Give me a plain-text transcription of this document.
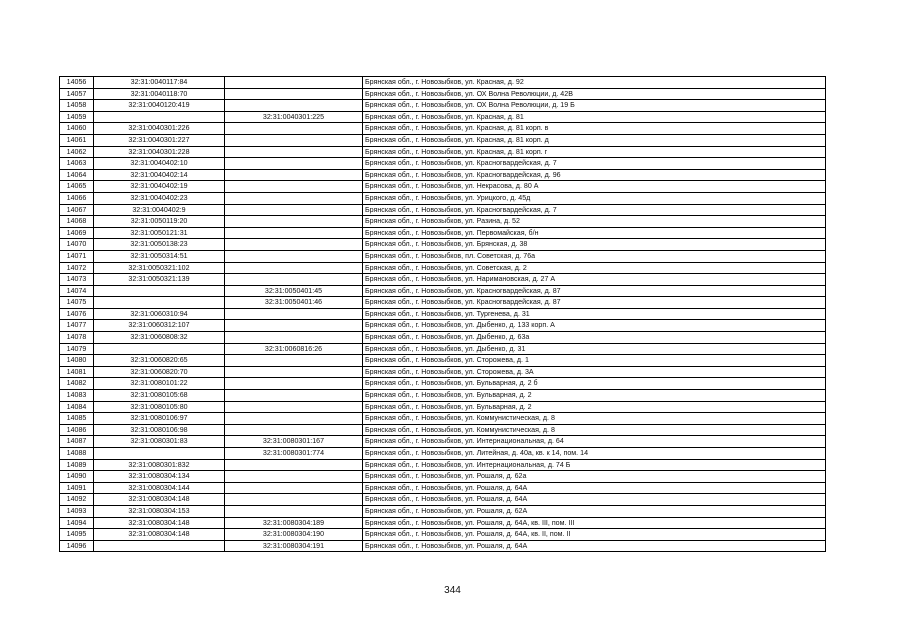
14056	32:31:0040117:84		Брянская обл., г. Новозыбков, ул. Красная, д. 92
14057	32:31:0040118:70		Брянская обл., г. Новозыбков, ул. ОХ Волна Революции, д. 42В
14058	32:31:0040120:419		Брянская обл., г. Новозыбков, ул. ОХ Волна Революции, д. 19 Б
14059		32:31:0040301:225	Брянская обл., г. Новозыбков, ул. Красная, д. 81
14060	32:31:0040301:226		Брянская обл., г. Новозыбков, ул. Красная, д. 81 корп. в
14061	32:31:0040301:227		Брянская обл., г. Новозыбков, ул. Красная, д. 81 корп. д
14062	32:31:0040301:228		Брянская обл., г. Новозыбков, ул. Красная, д. 81 корп. г
14063	32:31:0040402:10		Брянская обл., г. Новозыбков, ул. Красногвардейская, д. 7
14064	32:31:0040402:14		Брянская обл., г. Новозыбков, ул. Красногвардейская, д. 96
14065	32:31:0040402:19		Брянская обл., г. Новозыбков, ул. Некрасова, д. 80 А
14066	32:31:0040402:23		Брянская обл., г. Новозыбков, ул. Урицкого, д. 45д
14067	32:31:0040402:9		Брянская обл., г. Новозыбков, ул. Красногвардейская, д. 7
14068	32:31:0050119:20		Брянская обл., г. Новозыбков, ул. Разина, д. 52
14069	32:31:0050121:31		Брянская обл., г. Новозыбков, ул. Первомайская, б/н
14070	32:31:0050138:23		Брянская обл., г. Новозыбков, ул. Брянская, д. 38
14071	32:31:0050314:51		Брянская обл., г. Новозыбков, пл. Советская, д. 76а
14072	32:31:0050321:102		Брянская обл., г. Новозыбков, ул. Советская, д. 2
14073	32:31:0050321:139		Брянская обл., г. Новозыбков, ул. Наримановская, д. 27 А
14074		32:31:0050401:45	Брянская обл., г. Новозыбков, ул. Красногвардейская, д. 87
14075		32:31:0050401:46	Брянская обл., г. Новозыбков, ул. Красногвардейская, д. 87
14076	32:31:0060310:94		Брянская обл., г. Новозыбков, ул. Тургенева, д. 31
14077	32:31:0060312:107		Брянская обл., г. Новозыбков, ул. Дыбенко, д. 133 корп. А
14078	32:31:0060808:32		Брянская обл., г. Новозыбков, ул. Дыбенко, д. 63а
14079		32:31:0060816:26	Брянская обл., г. Новозыбков, ул. Дыбенко, д. 31
14080	32:31:0060820:65		Брянская обл., г. Новозыбков, ул. Сторожева, д. 1
14081	32:31:0060820:70		Брянская обл., г. Новозыбков, ул. Сторожева, д. 3А
14082	32:31:0080101:22		Брянская обл., г. Новозыбков, ул. Бульварная, д. 2 б
14083	32:31:0080105:68		Брянская обл., г. Новозыбков, ул. Бульварная, д. 2
14084	32:31:0080105:80		Брянская обл., г. Новозыбков, ул. Бульварная, д. 2
14085	32:31:0080106:97		Брянская обл., г. Новозыбков, ул. Коммунистическая, д. 8
14086	32:31:0080106:98		Брянская обл., г. Новозыбков, ул. Коммунистическая, д. 8
14087	32:31:0080301:83	32:31:0080301:167	Брянская обл., г. Новозыбков, ул. Интернациональная, д. 64
14088		32:31:0080301:774	Брянская обл., г. Новозыбков, ул. Литейная, д. 40а, кв. к 14, пом. 14
14089	32:31:0080301:832		Брянская обл., г. Новозыбков, ул. Интернациональная, д. 74 Б
14090	32:31:0080304:134		Брянская обл., г. Новозыбков, ул. Рошаля, д. 62а
14091	32:31:0080304:144		Брянская обл., г. Новозыбков, ул. Рошаля, д. 64А
14092	32:31:0080304:148		Брянская обл., г. Новозыбков, ул. Рошаля, д. 64А
14093	32:31:0080304:153		Брянская обл., г. Новозыбков, ул. Рошаля, д. 62А
14094	32:31:0080304:148	32:31:0080304:189	Брянская обл., г. Новозыбков, ул. Рошаля, д. 64А, кв. III, пом. III
14095	32:31:0080304:148	32:31:0080304:190	Брянская обл., г. Новозыбков, ул. Рошаля, д. 64А, кв. II, пом. II
14096		32:31:0080304:191	Брянская обл., г. Новозыбков, ул. Рошаля, д. 64А
344
